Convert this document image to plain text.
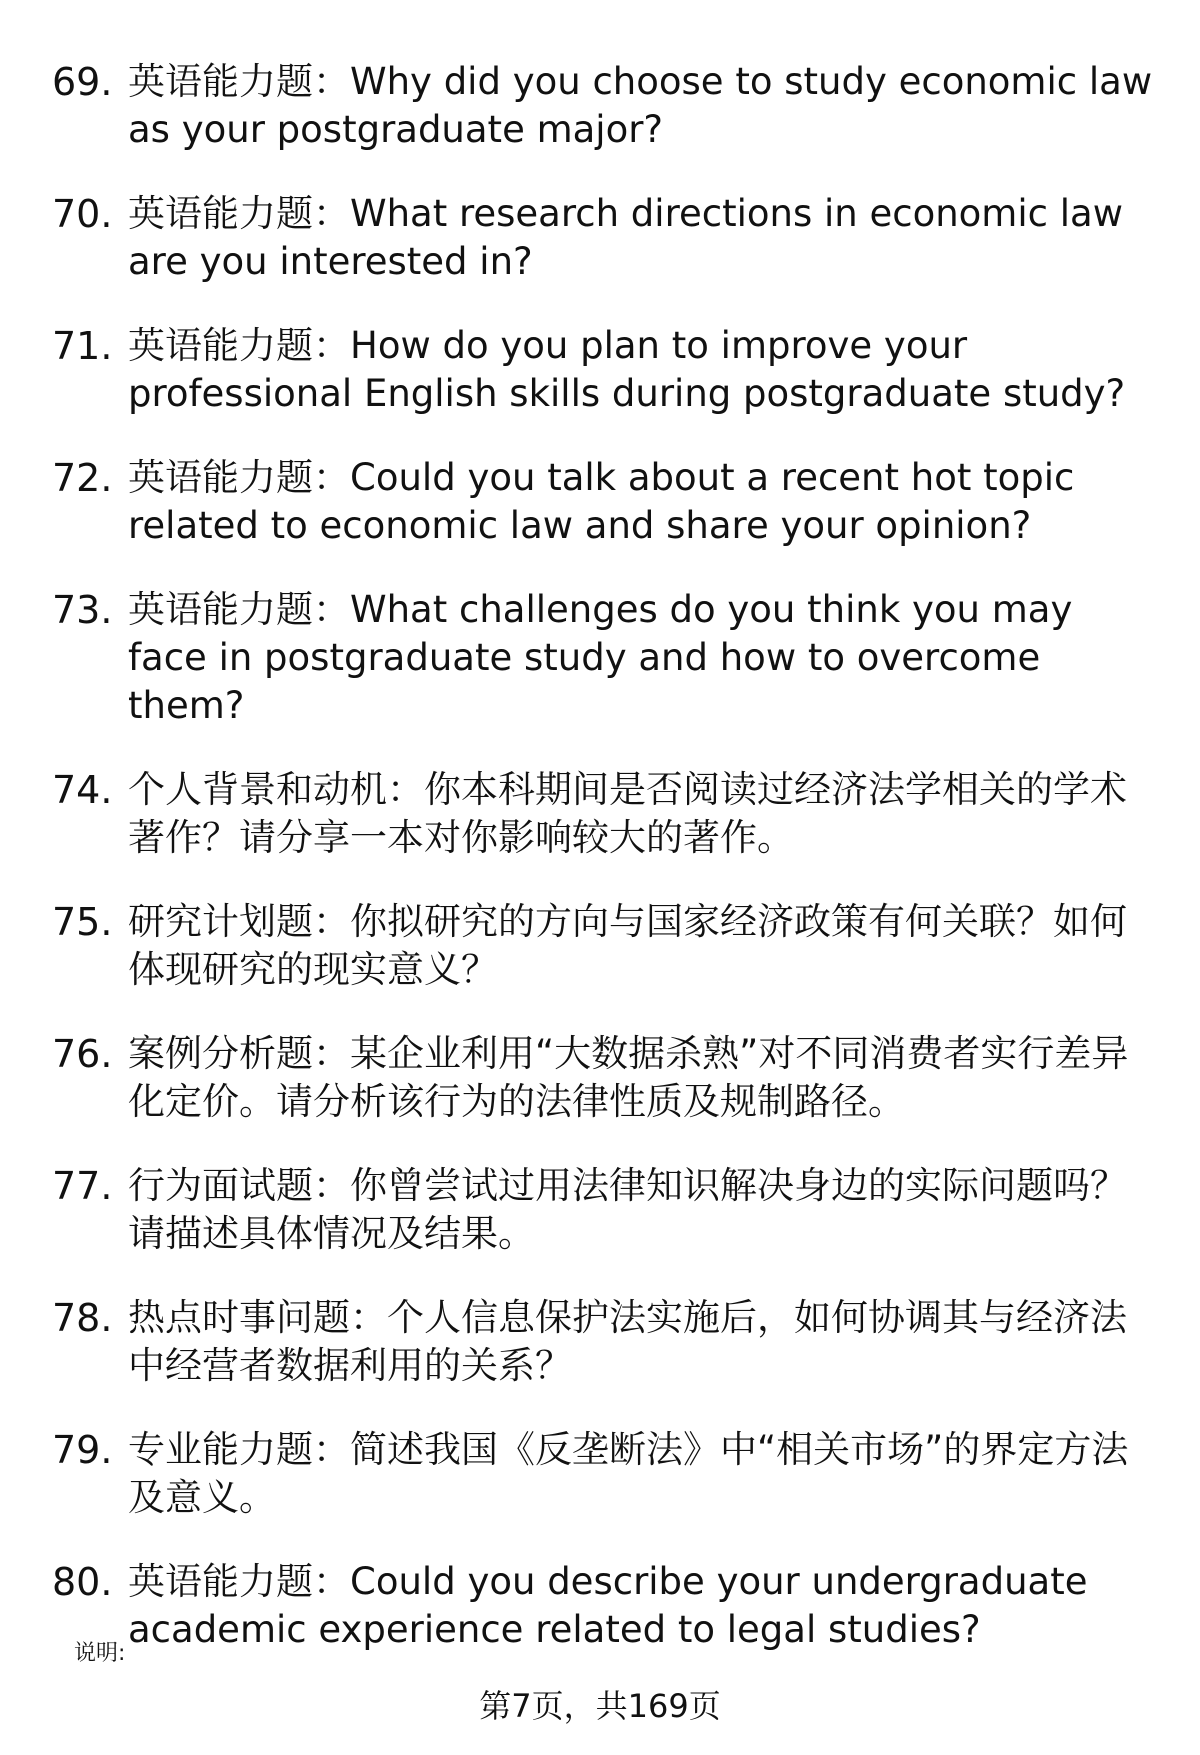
69. 英语能力题：Why did you choose to study economic law as your postgraduate major?
70. 英语能力题：What research directions in economic law are you interested in?
71. 英语能力题：How do you plan to improve your professional English skills during postgraduate study?
72. 英语能力题：Could you talk about a recent hot topic related to economic law and share your opinion?
73. 英语能力题：What challenges do you think you may face in postgraduate study and how to overcome them?
74. 个人背景和动机：你本科期间是否阅读过经济法学相关的学术著作？请分享一本对你影响较大的著作。
75. 研究计划题：你拟研究的方向与国家经济政策有何关联？如何体现研究的现实意义？
76. 案例分析题：某企业利用“大数据杀熟”对不同消费者实行差异化定价。请分析该行为的法律性质及规制路径。
77. 行为面试题：你曾尝试过用法律知识解决身边的实际问题吗？请描述具体情况及结果。
78. 热点时事问题：个人信息保护法实施后，如何协调其与经济法中经营者数据利用的关系？
79. 专业能力题：简述我国《反垄断法》中“相关市场”的界定方法及意义。
80. 英语能力题：Could you describe your undergraduate academic experience related to legal studies?
说明:
第7页，共169页
